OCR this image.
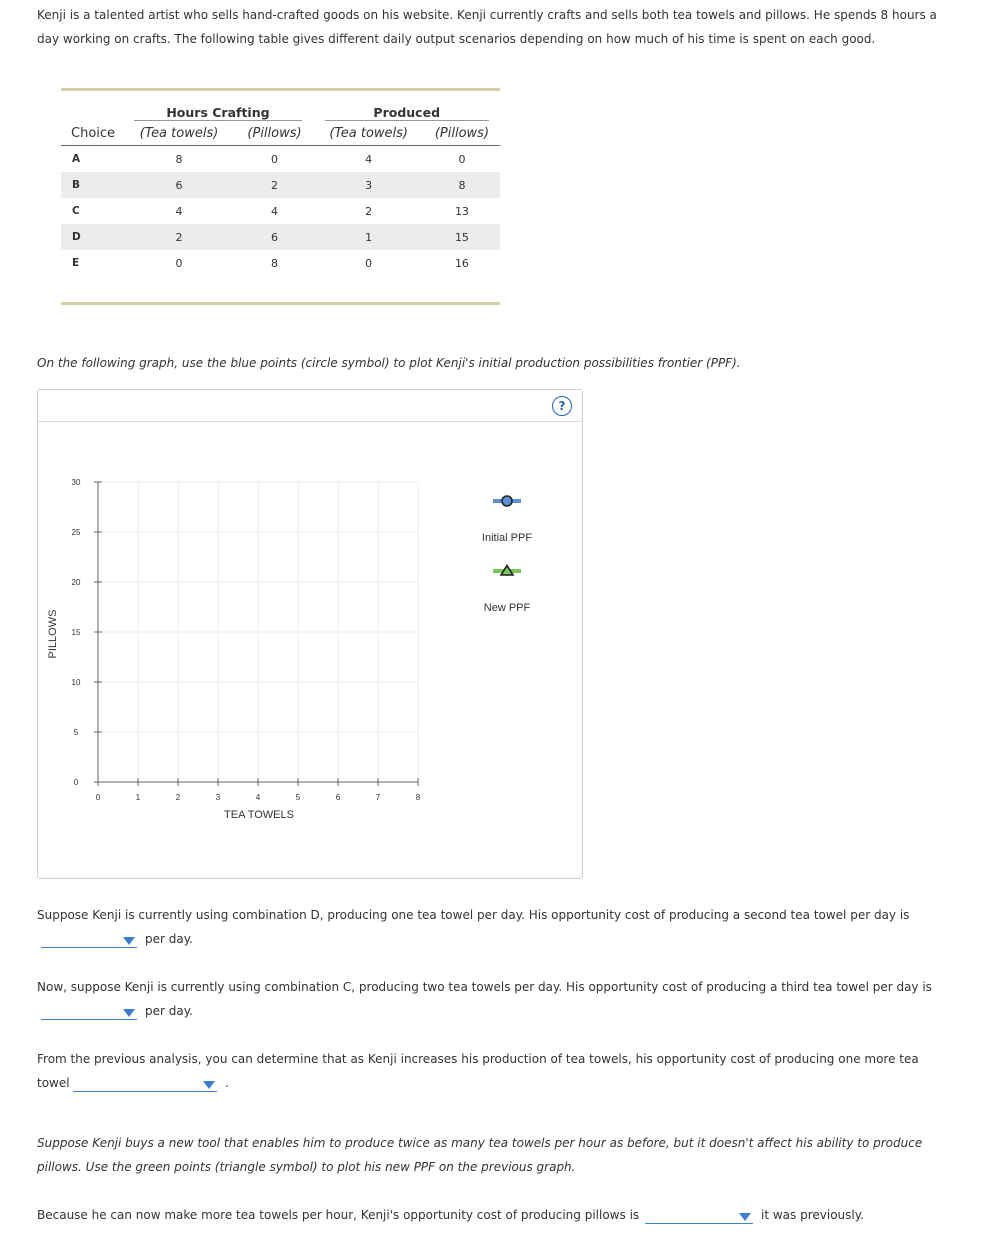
Kenji is a talented artist who sells hand-crafted goods on his website. Kenji currently crafts and sells both tea towels and pillows. He spends 8 hours a

day working on crafts. The following table gives different daily output scenarios depending on how much of his time is spent on each good.

	Hours Crafting		Produced	
Choice	(Tea towels)	(Pillows)	(Tea towels)	(Pillows)

A	8	0	4	0
B	6	2	3	8
C	4	4	2	13
D	2	6	1	15
E	0	8	0	16

On the following graph, use the blue points (circle symbol) to plot Kenji's initial production possibilities frontier (PPF).

?
0	1	2	3	4	5	6	7	8
0
5
10
15
20
25
30
TEA TOWELS
PILLOWS
Initial PPF
New PPF

Suppose Kenji is currently using combination D, producing one tea towel per day. His opportunity cost of producing a second tea towel per day is

per day.

Now, suppose Kenji is currently using combination C, producing two tea towels per day. His opportunity cost of producing a third tea towel per day is

per day.

From the previous analysis, you can determine that as Kenji increases his production of tea towels, his opportunity cost of producing one more tea

towel	.

Suppose Kenji buys a new tool that enables him to produce twice as many tea towels per hour as before, but it doesn't affect his ability to produce

pillows. Use the green points (triangle symbol) to plot his new PPF on the previous graph.

Because he can now make more tea towels per hour, Kenji's opportunity cost of producing pillows is	it was previously.
